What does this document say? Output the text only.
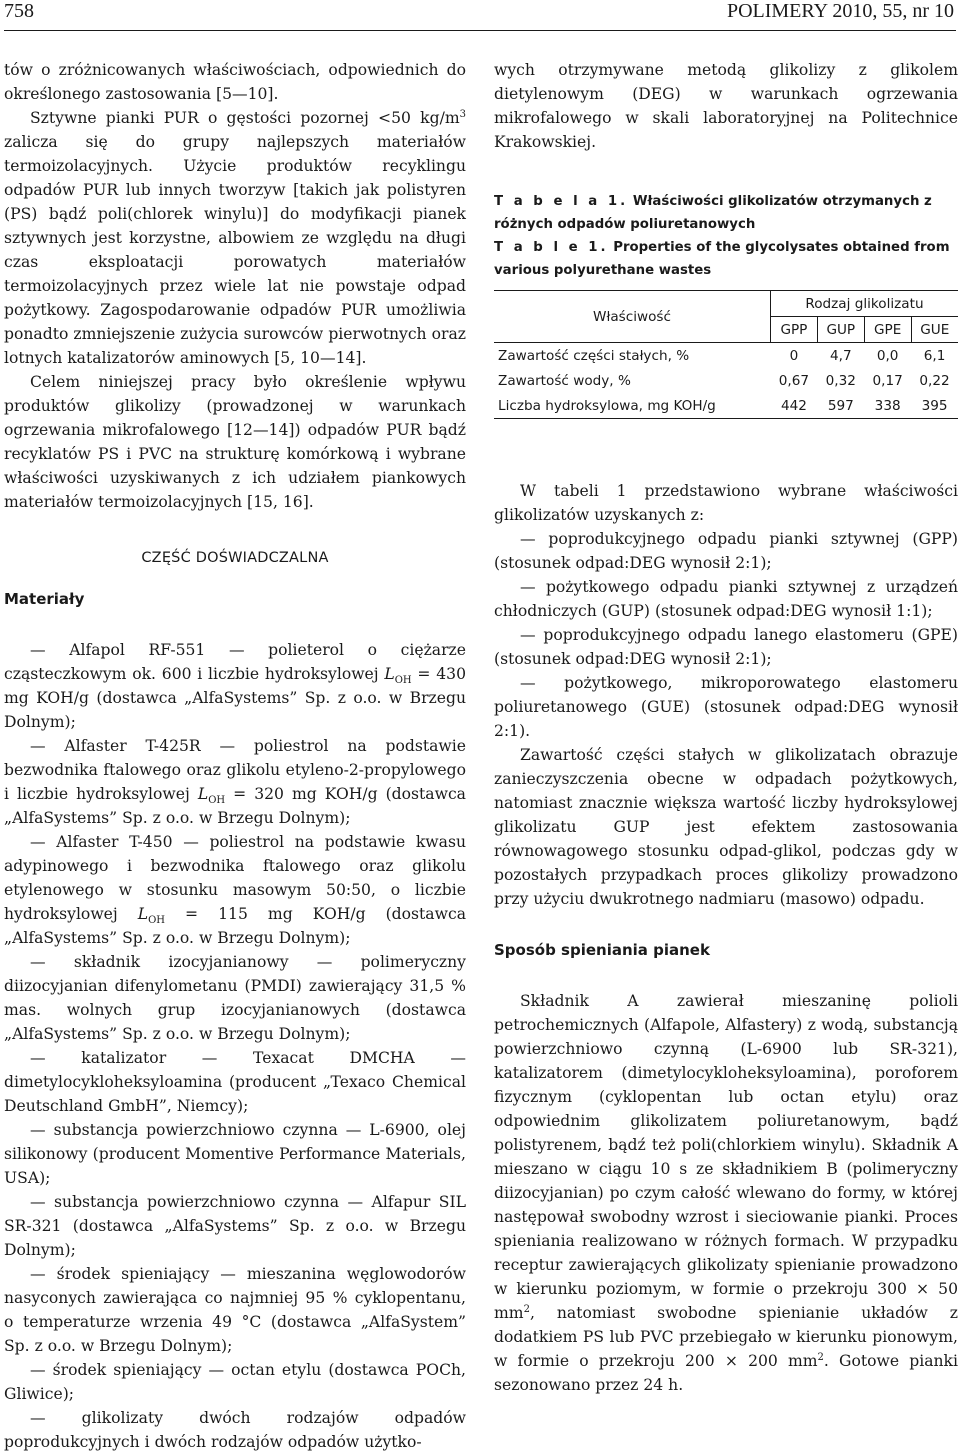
758	POLIMERY 2010, 55, nr 10

tów o zróżnicowanych właściwościach, odpowiednich do określonego zastosowania [5—10].

Sztywne pianki PUR o gęstości pozornej <50 $kg/m^3$ zalicza się do grupy najlepszych materiałów termoizolacyjnych. Użycie produktów recyklingu odpadów PUR lub innych tworzyw [takich jak polistyren (PS) bądź poli(chlorek winylu)] do modyfikacji pianek sztywnych jest korzystne, albowiem ze względu na długi czas eksploatacji porowatych materiałów termoizolacyjnych przez wiele lat nie powstaje odpad pożytkowy. Zagospodarowanie odpadów PUR umożliwia ponadto zmniejszenie zużycia surowców pierwotnych oraz lotnych katalizatorów aminowych [5, 10—14].

Celem niniejszej pracy było określenie wpływu produktów glikolizy (prowadzonej w warunkach ogrzewania mikrofalowego [12—14]) odpadów PUR bądź recyklatów PS i PVC na strukturę komórkową i wybrane właściwości uzyskiwanych z ich udziałem piankowych materiałów termoizolacyjnych [15, 16].

CZĘŚĆ DOŚWIADCZALNA
Materiały

— Alfapol RF-551 — polieterol o ciężarze cząsteczkowym ok. 600 i liczbie hydroksylowej $L_{OH} = 430$ mg KOH/g (dostawca „AlfaSystems” Sp. z o.o. w Brzegu Dolnym);

— Alfaster T-425R — poliestrol na podstawie bezwodnika ftalowego oraz glikolu etyleno-2-propylowego i liczbie hydroksylowej $L_{OH} = 320$ mg KOH/g (dostawca „AlfaSystems” Sp. z o.o. w Brzegu Dolnym);

— Alfaster T-450 — poliestrol na podstawie kwasu adypinowego i bezwodnika ftalowego oraz glikolu etylenowego w stosunku masowym 50:50, o liczbie hydroksylowej $L_{OH} = 115$ mg KOH/g (dostawca „AlfaSystems” Sp. z o.o. w Brzegu Dolnym);

— składnik izocyjanianowy — polimeryczny diizocyjanian difenylometanu (PMDI) zawierający 31,5 % mas. wolnych grup izocyjanianowych (dostawca „AlfaSystems” Sp. z o.o. w Brzegu Dolnym);

— katalizator — Texacat DMCHA — dimetylocykloheksyloamina (producent „Texaco Chemical Deutschland GmbH”, Niemcy);

— substancja powierzchniowo czynna — L-6900, olej silikonowy (producent Momentive Performance Materials, USA);

— substancja powierzchniowo czynna — Alfapur SIL SR-321 (dostawca „AlfaSystems” Sp. z o.o. w Brzegu Dolnym);

— środek spieniający — mieszanina węglowodorów nasyconych zawierająca co najmniej 95 % cyklopentanu, o temperaturze wrzenia 49 °C (dostawca „AlfaSystem” Sp. z o.o. w Brzegu Dolnym);

— środek spieniający — octan etylu (dostawca POCh, Gliwice);

— glikolizaty dwóch rodzajów odpadów poprodukcyjnych i dwóch rodzajów odpadów użytko-

wych otrzymywane metodą glikolizy z glikolem dietylenowym (DEG) w warunkach ogrzewania mikrofalowego w skali laboratoryjnej na Politechnice Krakowskiej.

T a b e l a 1. Właściwości glikolizatów otrzymanych z różnych odpadów poliuretanowych
T a b l e 1. Properties of the glycolysates obtained from various polyurethane wastes
Właściwość	Rodzaj glikolizatu			
	GPP	GUP	GPE	GUE
Zawartość części stałych, %	0	4,7	0,0	6,1
Zawartość wody, %	0,67	0,32	0,17	0,22
Liczba hydroksylowa, mg KOH/g	442	597	338	395

W tabeli 1 przedstawiono wybrane właściwości glikolizatów uzyskanych z:

— poprodukcyjnego odpadu pianki sztywnej (GPP) (stosunek odpad:DEG wynosił 2:1);

— pożytkowego odpadu pianki sztywnej z urządzeń chłodniczych (GUP) (stosunek odpad:DEG wynosił 1:1);

— poprodukcyjnego odpadu lanego elastomeru (GPE) (stosunek odpad:DEG wynosił 2:1);

— pożytkowego, mikroporowatego elastomeru poliuretanowego (GUE) (stosunek odpad:DEG wynosił 2:1).

Zawartość części stałych w glikolizatach obrazuje zanieczyszczenia obecne w odpadach pożytkowych, natomiast znacznie większa wartość liczby hydroksylowej glikolizatu GUP jest efektem zastosowania równowagowego stosunku odpad-glikol, podczas gdy w pozostałych przypadkach proces glikolizy prowadzono przy użyciu dwukrotnego nadmiaru (masowo) odpadu.

Sposób spieniania pianek

Składnik A zawierał mieszaninę polioli petrochemicznych (Alfapole, Alfastery) z wodą, substancją powierzchniowo czynną (L-6900 lub SR-321), katalizatorem (dimetylocykloheksyloamina), poroforem fizycznym (cyklopentan lub octan etylu) oraz odpowiednim glikolizatem poliuretanowym, bądź polistyrenem, bądź też poli(chlorkiem winylu). Składnik A mieszano w ciągu 10 s ze składnikiem B (polimeryczny diizocyjanian) po czym całość wlewano do formy, w której następował swobodny wzrost i sieciowanie pianki. Proces spieniania realizowano w różnych formach. W przypadku receptur zawierających glikolizaty spienianie prowadzono w kierunku poziomym, w formie o przekroju 300 × 50 $mm^2$, natomiast swobodne spienianie układów z dodatkiem PS lub PVC przebiegało w kierunku pionowym, w formie o przekroju 200 × 200 $mm^2$. Gotowe pianki sezonowano przez 24 h.
